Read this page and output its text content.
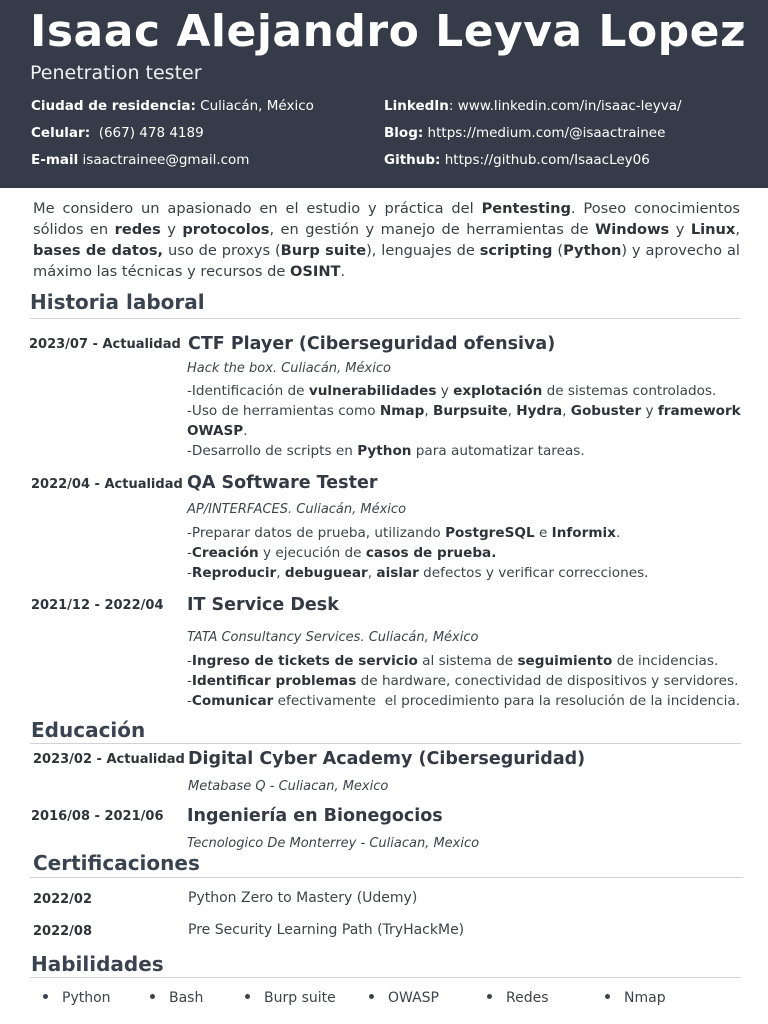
Isaac Alejandro Leyva Lopez
Penetration tester
Ciudad de residencia: Culiacán, México
Celular:  (667) 478 4189
E-mail isaactrainee@gmail.com
LinkedIn: www.linkedin.com/in/isaac-leyva/
Blog: https://medium.com/@isaactrainee
Github: https://github.com/IsaacLey06
Me considero un apasionado en el estudio y práctica del Pentesting. Poseo conocimientos sólidos en redes y protocolos, en gestión y manejo de herramientas de Windows y Linux, bases de datos, uso de proxys (Burp suite), lenguajes de scripting (Python) y aprovecho al máximo las técnicas y recursos de OSINT.
Historia laboral
2023/07 - Actualidad CTF Player (Ciberseguridad ofensiva)
Hack the box. Culiacán, México
-Identificación de vulnerabilidades y explotación de sistemas controlados.
-Uso de herramientas como Nmap, Burpsuite, Hydra, Gobuster y framework
OWASP.
-Desarrollo de scripts en Python para automatizar tareas.
2022/04 - Actualidad QA Software Tester
AP/INTERFACES. Culiacán, México
-Preparar datos de prueba, utilizando PostgreSQL e Informix.
-Creación y ejecución de casos de prueba.
-Reproducir, debuguear, aislar defectos y verificar correcciones.
2021/12 - 2022/04 IT Service Desk
TATA Consultancy Services. Culiacán, México
-Ingreso de tickets de servicio al sistema de seguimiento de incidencias.
-Identificar problemas de hardware, conectividad de dispositivos y servidores.
-Comunicar efectivamente  el procedimiento para la resolución de la incidencia.
Educación
2023/02 - Actualidad Digital Cyber Academy (Ciberseguridad)
Metabase Q - Culiacan, Mexico
2016/08 - 2021/06 Ingeniería en Bionegocios
Tecnologico De Monterrey - Culiacan, Mexico
Certificaciones
2022/02	Python Zero to Mastery (Udemy)
2022/08	Pre Security Learning Path (TryHackMe)
Habilidades
Python	Bash	Burp suite	OWASP	Redes	Nmap
